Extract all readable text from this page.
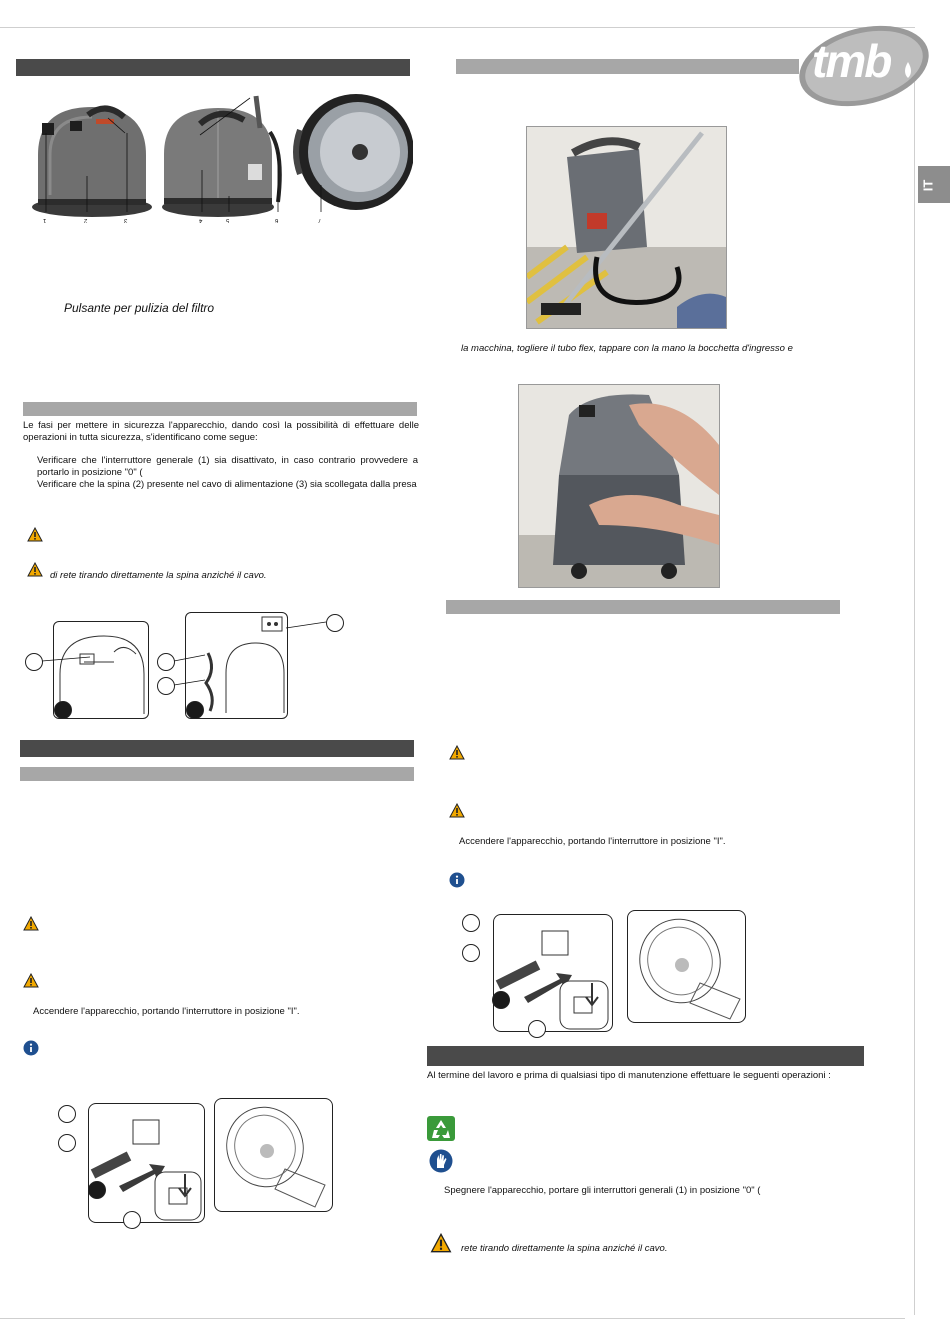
tmb
IT
1	2	3	4	5	6	7
Pulsante per pulizia del filtro
Le fasi per mettere in sicurezza l'apparecchio, dando così la possibilità di effettuare delle operazioni in tutta sicurezza, s'identificano come segue:
Verificare che l'interruttore generale (1) sia disattivato, in caso contrario provvedere a portarlo in posizione "0" (
Verificare che la spina (2) presente nel cavo di alimentazione (3) sia scollegata dalla presa
di rete tirando direttamente la spina anziché il cavo.
Accendere l'apparecchio, portando l'interruttore in posizione "I".
la macchina, togliere il tubo flex, tappare con la mano la bocchetta d'ingresso e
Accendere l'apparecchio, portando l'interruttore in posizione "I".
Al termine del lavoro e prima di qualsiasi tipo di manutenzione effettuare le seguenti operazioni :
Spegnere l'apparecchio, portare gli interruttori generali (1) in posizione "0" (
rete tirando direttamente la spina anziché il cavo.
